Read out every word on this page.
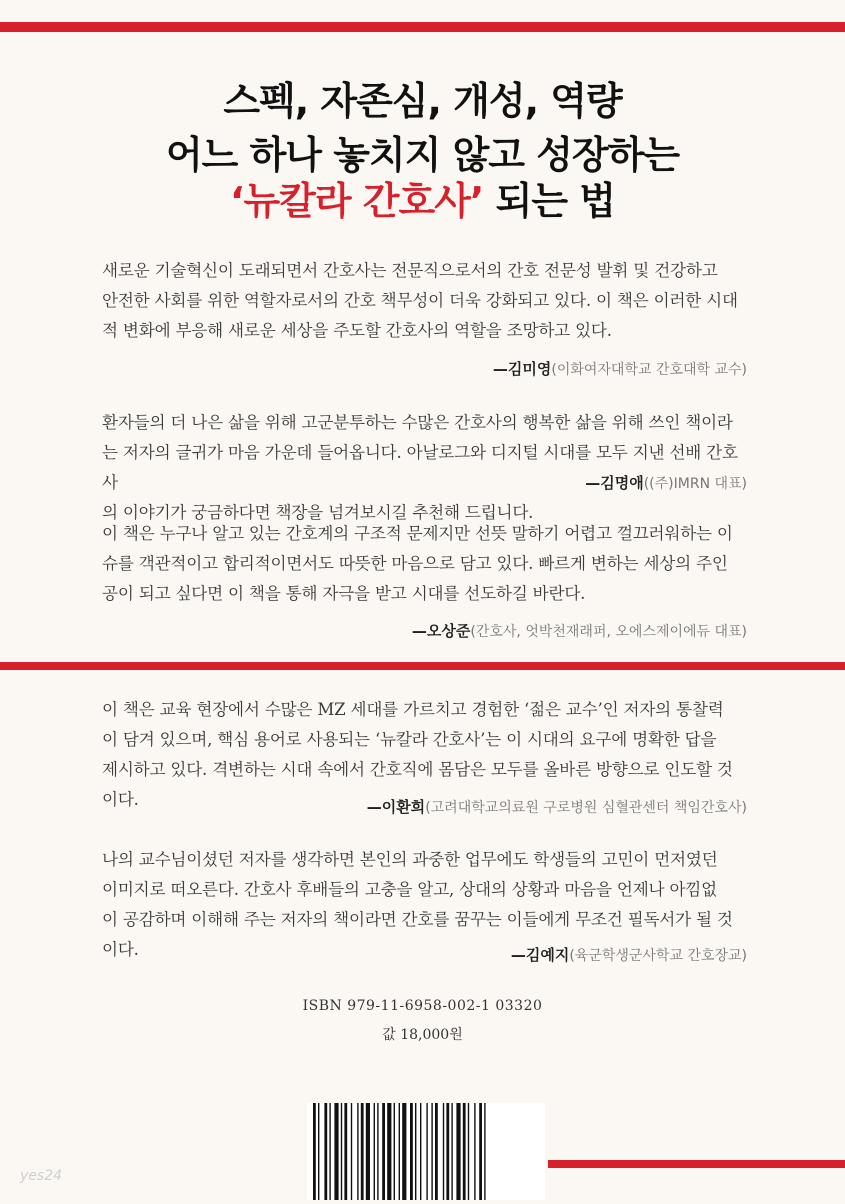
스펙, 자존심, 개성, 역량
어느 하나 놓치지 않고 성장하는
‘뉴칼라 간호사’ 되는 법
새로운 기술혁신이 도래되면서 간호사는 전문직으로서의 간호 전문성 발휘 및 건강하고
안전한 사회를 위한 역할자로서의 간호 책무성이 더욱 강화되고 있다. 이 책은 이러한 시대
적 변화에 부응해 새로운 세상을 주도할 간호사의 역할을 조망하고 있다.
—김미영(이화여자대학교 간호대학 교수)
환자들의 더 나은 삶을 위해 고군분투하는 수많은 간호사의 행복한 삶을 위해 쓰인 책이라
는 저자의 글귀가 마음 가운데 들어옵니다. 아날로그와 디지털 시대를 모두 지낸 선배 간호사
의 이야기가 궁금하다면 책장을 넘겨보시길 추천해 드립니다.
—김명애((주)IMRN 대표)
이 책은 누구나 알고 있는 간호계의 구조적 문제지만 선뜻 말하기 어렵고 껄끄러워하는 이
슈를 객관적이고 합리적이면서도 따뜻한 마음으로 담고 있다. 빠르게 변하는 세상의 주인
공이 되고 싶다면 이 책을 통해 자극을 받고 시대를 선도하길 바란다.
—오상준(간호사, 엇박천재래퍼, 오에스제이에듀 대표)
이 책은 교육 현장에서 수많은 MZ 세대를 가르치고 경험한 ‘젊은 교수’인 저자의 통찰력
이 담겨 있으며, 핵심 용어로 사용되는 ‘뉴칼라 간호사’는 이 시대의 요구에 명확한 답을
제시하고 있다. 격변하는 시대 속에서 간호직에 몸담은 모두를 올바른 방향으로 인도할 것
이다.	—이환희(고려대학교의료원 구로병원 심혈관센터 책임간호사)
나의 교수님이셨던 저자를 생각하면 본인의 과중한 업무에도 학생들의 고민이 먼저였던
이미지로 떠오른다. 간호사 후배들의 고충을 알고, 상대의 상황과 마음을 언제나 아낌없
이 공감하며 이해해 주는 저자의 책이라면 간호를 꿈꾸는 이들에게 무조건 필독서가 될 것
이다.	—김예지(육군학생군사학교 간호장교)
ISBN 979-11-6958-002-1 03320
값 18,000원
yes24
